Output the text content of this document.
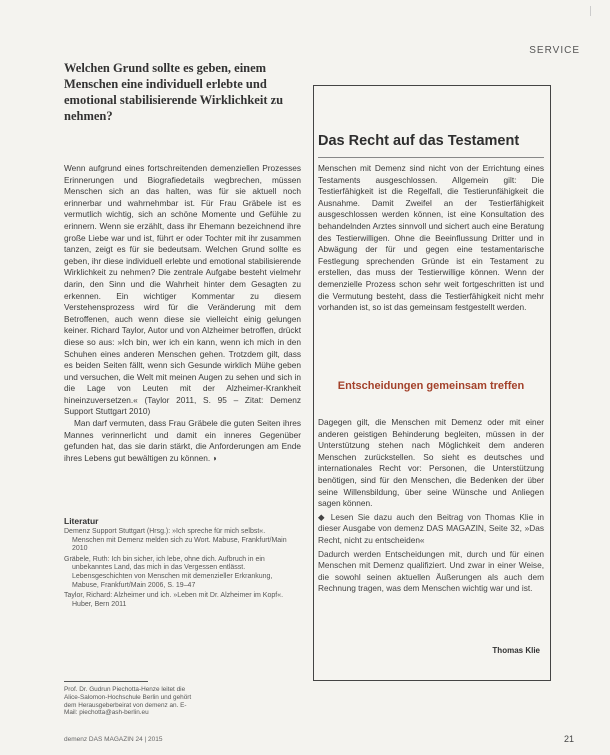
SERVICE
Welchen Grund sollte es geben, einem Menschen eine individuell erlebte und emotional stabilisierende Wirklichkeit zu nehmen?

Wenn aufgrund eines fortschreitenden demenziellen Prozesses Erinnerungen und Biografiedetails wegbrechen, müssen Menschen sich an das halten, was für sie aktuell noch erinnerbar und wahrnehmbar ist. Für Frau Gräbele ist es vermutlich wichtig, sich an schöne Momente und Gefühle zu erinnern. Wenn sie erzählt, dass ihr Ehemann bezeichnend ihre große Liebe war und ist, führt er oder Tochter mit ihr zusammen tanzen, zeigt es für sie bedeutsam. Welchen Grund sollte es geben, ihr diese individuell erlebte und emotional stabilisierende Wirklichkeit zu nehmen? Die zentrale Aufgabe besteht vielmehr darin, den Sinn und die Wahrheit hinter dem Gesagten zu erkennen. Ein wichtiger Kommentar zu diesem Verstehensprozess wird für die Veränderung mit dem Betroffenen, auch wenn diese sie vielleicht einig gelungen keiner. Richard Taylor, Autor und von Alzheimer betroffen, drückt diese so aus: »Ich bin, wer ich ein kann, wenn ich mich in den Schuhen eines anderen Menschen gehen. Trotzdem gilt, dass es beiden Seiten fällt, wenn sich Gesunde wirklich Mühe geben und versuchen, die Welt mit meinen Augen zu sehen und sich in die Lage von Leuten mit der Alzheimer-Krankheit hineinzuversetzen.« (Taylor 2011, S. 95 – Zitat: Demenz Support Stuttgart 2010)

Man darf vermuten, dass Frau Gräbele die guten Seiten ihres Mannes verinnerlicht und damit ein inneres Gegenüber gefunden hat, das sie darin stärkt, die Anforderungen am Ende ihres Lebens gut bewältigen zu können. ◗

Literatur
Demenz Support Stuttgart (Hrsg.): »Ich spreche für mich selbst«. Menschen mit Demenz melden sich zu Wort. Mabuse, Frankfurt/Main 2010
Gräbele, Ruth: Ich bin sicher, ich lebe, ohne dich. Aufbruch in ein unbekanntes Land, das mich in das Vergessen entlässt. Lebensgeschichten von Menschen mit demenzieller Erkrankung, Mabuse, Frankfurt/Main 2006, S. 19–47
Taylor, Richard: Alzheimer und ich. »Leben mit Dr. Alzheimer im Kopf«. Huber, Bern 2011
Prof. Dr. Gudrun Piechotta-Henze leitet die Alice-Salomon-Hochschule Berlin und gehört dem Herausgeberbeirat von demenz an. E-Mail: piechotta@ash-berlin.eu
demenz DAS MAGAZIN 24 | 2015	21
Das Recht auf das Testament
Menschen mit Demenz sind nicht von der Errichtung eines Testaments ausgeschlossen. Allgemein gilt: Die Testierfähigkeit ist die Regelfall, die Testierunfähigkeit die Ausnahme. Damit Zweifel an der Testierfähigkeit ausgeschlossen werden können, ist eine Konsultation des behandelnden Arztes sinnvoll und sichert auch eine Beratung des Testierwilligen. Ohne die Beeinflussung Dritter und in Abwägung der für und gegen eine testamentarische Festlegung sprechenden Gründe ist ein Testament zu erstellen, das muss der Testierwillige können. Wenn der demenzielle Prozess schon sehr weit fortgeschritten ist und die Vermutung besteht, dass die Testierfähigkeit nicht mehr vorhanden ist, so ist das gemeinsam festgestellt werden.
Entscheidungen gemeinsam treffen
Dagegen gilt, die Menschen mit Demenz oder mit einer anderen geistigen Behinderung begleiten, müssen in der Unterstützung stehen nach Möglichkeit dem anderen Menschen zurückstellen. So sieht es deutsches und internationales Recht vor: Personen, die Unterstützung benötigen, sind für den Menschen, die Bedenken der über seine Willensbildung, über seine Wünsche und Anliegen sagen können.
◆ Lesen Sie dazu auch den Beitrag von Thomas Klie in dieser Ausgabe von demenz DAS MAGAZIN, Seite 32, »Das Recht, nicht zu entscheiden«
Dadurch werden Entscheidungen mit, durch und für einen Menschen mit Demenz qualifiziert. Und zwar in einer Weise, die sowohl seinen aktuellen Äußerungen als auch dem Rechnung tragen, was dem Menschen wichtig war und ist.
Thomas Klie
